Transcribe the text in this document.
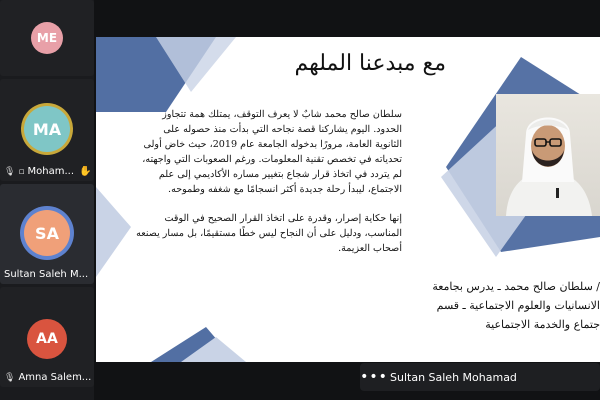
ME
MA
🎙 ▫ Moham... ✋
SA
Sultan Saleh M...
AA
🎙 Amna Salem...
مع مبدعنا الملهم

سلطان صالح محمد شابٌ لا يعرف التوقف، يمتلك همة تتجاوز الحدود. اليوم يشاركنا قصة نجاحه التي بدأت منذ حصوله على الثانوية العامة، مرورًا بدخوله الجامعة عام 2019، حيث خاض أولى تحدياته في تخصص تقنية المعلومات. ورغم الصعوبات التي واجهته، لم يتردد في اتخاذ قرار شجاع بتغيير مساره الأكاديمي إلى علم الاجتماع، ليبدأ رحلة جديدة أكثر انسجامًا مع شغفه وطموحه.

إنها حكاية إصرار، وقدرة على اتخاذ القرار الصحيح في الوقت المناسب، ودليل على أن النجاح ليس خطًا مستقيمًا، بل مسار يصنعه أصحاب العزيمة.

/ سلطان صالح محمد ـ يدرس بجامعة
الانسانيات والعلوم الاجتماعية ـ قسم
جتماع والخدمة الاجتماعية
••• Sultan Saleh Mohamad
